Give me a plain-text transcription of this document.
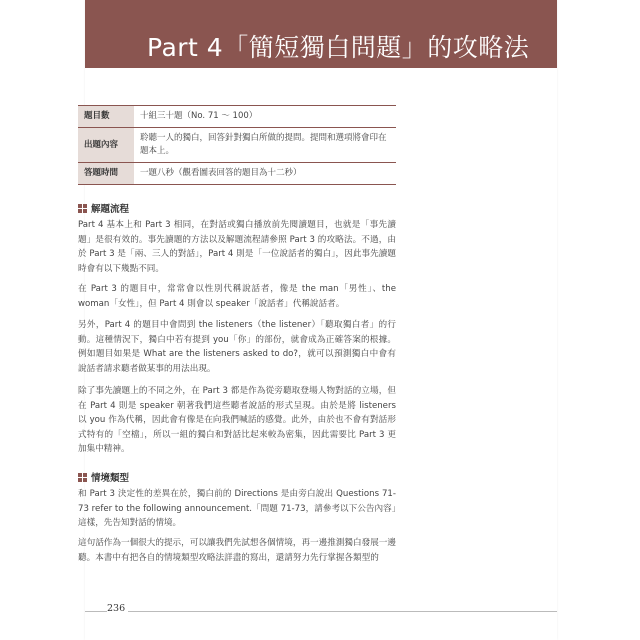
Part 4「簡短獨白問題」的攻略法
題目數	十組三十題（No. 71 ～ 100）
出題內容	聆聽一人的獨白，回答針對獨白所做的提問。提問和選項將會印在題本上。
答題時間	一題八秒（觀看圖表回答的題目為十二秒）
解題流程
Part 4 基本上和 Part 3 相同，在對話或獨白播放前先閱讀題目，也就是「事先讀題」是很有效的。事先讀題的方法以及解題流程請參照 Part 3 的攻略法。不過，由於 Part 3 是「兩、三人的對話」，Part 4 則是「一位說話者的獨白」，因此事先讀題時會有以下幾點不同。
在 Part 3 的題目中，常常會以性別代稱說話者，像是 the man「男性」、the woman「女性」，但 Part 4 則會以 speaker「說話者」代稱說話者。
另外，Part 4 的題目中會問到 the listeners（the listener）「聽取獨白者」的行動。這種情況下，獨白中若有提到 you「你」的部份，就會成為正確答案的根據。例如題目如果是 What are the listeners asked to do?，就可以預測獨白中會有說話者請求聽者做某事的用法出現。
除了事先讀題上的不同之外，在 Part 3 都是作為從旁聽取登場人物對話的立場，但在 Part 4 則是 speaker 朝著我們這些聽者說話的形式呈現。由於是將 listeners 以 you 作為代稱，因此會有像是在向我們喊話的感覺。此外，由於也不會有對話形式特有的「空檔」，所以一組的獨白和對話比起來較為密集，因此需要比 Part 3 更加集中精神。
情境類型
和 Part 3 決定性的差異在於，獨白前的 Directions 是由旁白說出 Questions 71-73 refer to the following announcement.「問題 71-73，請參考以下公告內容」這樣，先告知對話的情境。
這句話作為一個很大的提示，可以讓我們先試想各個情境，再一邊推測獨白發展一邊聽。本書中有把各自的情境類型攻略法詳盡的寫出，還請努力先行掌握各類型的
236
